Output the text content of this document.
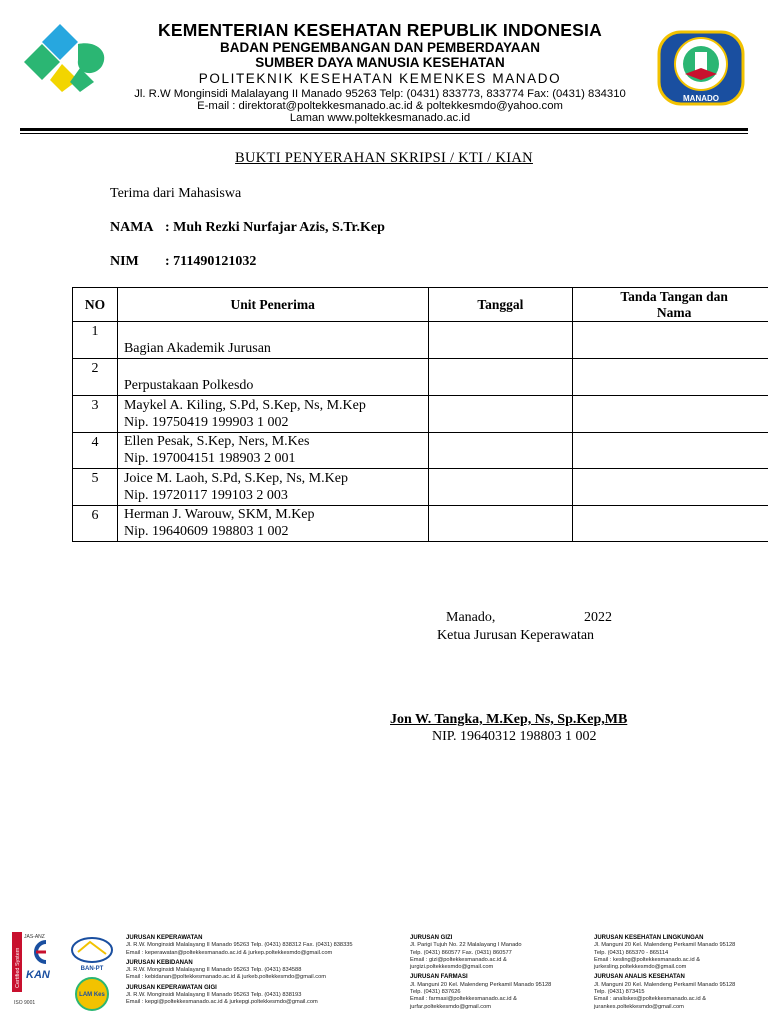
KEMENTERIAN KESEHATAN REPUBLIK INDONESIA
BADAN PENGEMBANGAN DAN PEMBERDAYAAN
SUMBER DAYA MANUSIA KESEHATAN
POLITEKNIK KESEHATAN KEMENKES MANADO
Jl. R.W Monginsidi Malalayang II Manado 95263 Telp: (0431) 833773, 833774 Fax: (0431) 834310
E-mail : direktorat@poltekkesmanado.ac.id & poltekkesmdo@yahoo.com
Laman www.poltekkesmanado.ac.id
MANADO
BUKTI PENYERAHAN SKRIPSI / KTI / KIAN
Terima dari Mahasiswa
NAMA : Muh Rezki Nurfajar Azis, S.Tr.Kep
NIM : 711490121032
NO	Unit Penerima	Tanggal	Tanda Tangan dan
Nama

1	Bagian Akademik Jurusan		

2	Perpustakaan Polkesdo		

3	Maykel A. Kiling, S.Pd, S.Kep, Ns, M.Kep
Nip. 19750419 199903 1 002		

4	Ellen Pesak, S.Kep, Ners, M.Kes
Nip. 197004151 198903 2 001		

5	Joice M. Laoh, S.Pd, S.Kep, Ns, M.Kep
Nip. 19720117 199103 2 003		

6	Herman J. Warouw, SKM, M.Kep
Nip. 19640609 198803 1 002		

Manado,	2022
Ketua Jurusan Keperawatan
Jon W. Tangka, M.Kep, Ns, Sp.Kep,MB
NIP. 19640312 198803 1 002
Certified System
JAS-ANZ
KAN
ISO 9001
BAN-PT
LAM Kes
JURUSAN KEPERAWATAN
Jl. R.W. Monginsidi Malalayang II Manado 95263 Telp. (0431) 838312 Fax. (0431) 838335
Email : keperawatan@poltekkesmanado.ac.id & jurkep.poltekkesmdo@gmail.com
JURUSAN KEBIDANAN
Jl. R.W. Monginsidi Malalayang II Manado 95263 Telp. (0431) 834588
Email : kebidanan@poltekkesmanado.ac.id & jurkeb.poltekkesmdo@gmail.com
JURUSAN KEPERAWATAN GIGI
Jl. R.W. Monginsidi Malalayang II Manado 95263 Telp. (0431) 838193
Email : kepgi@poltekkesmanado.ac.id & jurkepgi.poltekkesmdo@gmail.com
JURUSAN GIZI
Jl. Parigi Tujuh No. 22 Malalayang I Manado
Telp. (0431) 860577 Fax. (0431) 860577
Email : gizi@poltekkesmanado.ac.id &
jurgizi.poltekkesmdo@gmail.com
JURUSAN FARMASI
Jl. Manguni 20 Kel. Malendeng Perkamil Manado 95128
Telp. (0431) 837626
Email : farmasi@poltekkesmanado.ac.id &
jurfar.poltekkesmdo@gmail.com
JURUSAN KESEHATAN LINGKUNGAN
Jl. Manguni 20 Kel. Malendeng Perkamil Manado 95128
Telp. (0431) 865370 - 865114
Email : kesling@poltekkesmanado.ac.id &
jurkesling.poltekkesmdo@gmail.com
JURUSAN ANALIS KESEHATAN
Jl. Manguni 20 Kel. Malendeng Perkamil Manado 95128
Telp. (0431) 873415
Email : analiskes@poltekkesmanado.ac.id &
jurankes.poltekkesmdo@gmail.com
